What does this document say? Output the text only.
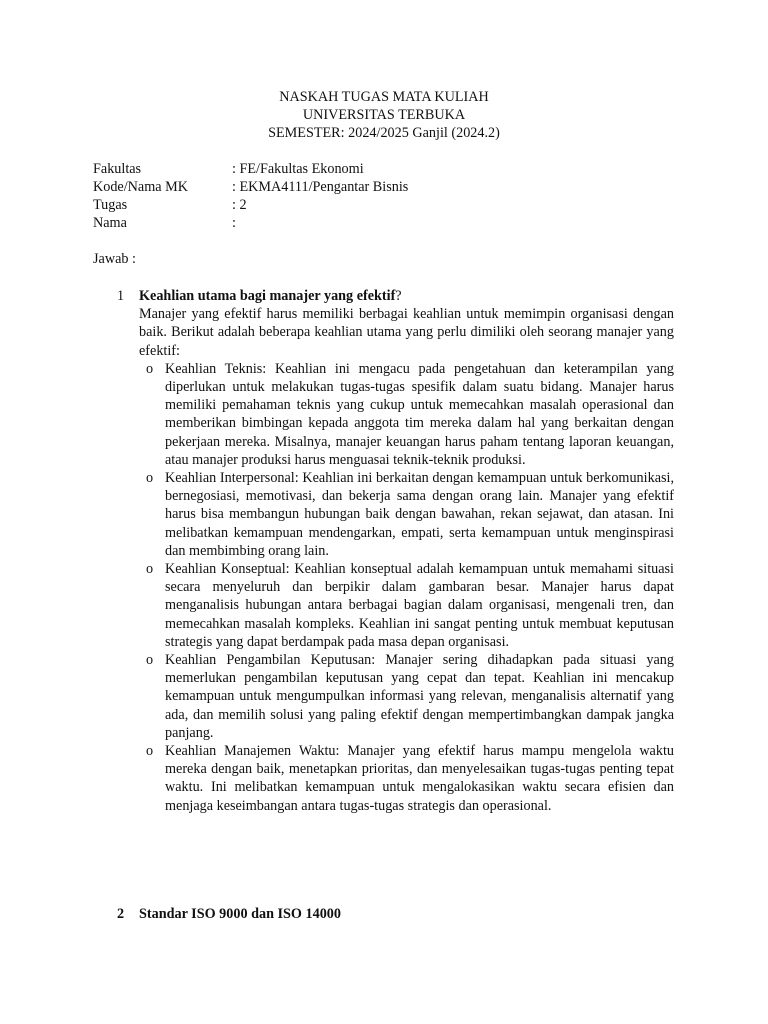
NASKAH TUGAS MATA KULIAH
UNIVERSITAS TERBUKA
SEMESTER: 2024/2025 Ganjil (2024.2)
Fakultas	: FE/Fakultas Ekonomi
Kode/Nama MK	: EKMA4111/Pengantar Bisnis
Tugas	: 2
Nama	:
Jawab :
1	Keahlian utama bagi manajer yang efektif?
Manajer yang efektif harus memiliki berbagai keahlian untuk memimpin organisasi dengan baik. Berikut adalah beberapa keahlian utama yang perlu dimiliki oleh seorang manajer yang efektif:
o Keahlian Teknis: Keahlian ini mengacu pada pengetahuan dan keterampilan yang diperlukan untuk melakukan tugas-tugas spesifik dalam suatu bidang. Manajer harus memiliki pemahaman teknis yang cukup untuk memecahkan masalah operasional dan memberikan bimbingan kepada anggota tim mereka dalam hal yang berkaitan dengan pekerjaan mereka. Misalnya, manajer keuangan harus paham tentang laporan keuangan, atau manajer produksi harus menguasai teknik-teknik produksi.
o Keahlian Interpersonal: Keahlian ini berkaitan dengan kemampuan untuk berkomunikasi, bernegosiasi, memotivasi, dan bekerja sama dengan orang lain. Manajer yang efektif harus bisa membangun hubungan baik dengan bawahan, rekan sejawat, dan atasan. Ini melibatkan kemampuan mendengarkan, empati, serta kemampuan untuk menginspirasi dan membimbing orang lain.
o Keahlian Konseptual: Keahlian konseptual adalah kemampuan untuk memahami situasi secara menyeluruh dan berpikir dalam gambaran besar. Manajer harus dapat menganalisis hubungan antara berbagai bagian dalam organisasi, mengenali tren, dan memecahkan masalah kompleks. Keahlian ini sangat penting untuk membuat keputusan strategis yang dapat berdampak pada masa depan organisasi.
o Keahlian Pengambilan Keputusan: Manajer sering dihadapkan pada situasi yang memerlukan pengambilan keputusan yang cepat dan tepat. Keahlian ini mencakup kemampuan untuk mengumpulkan informasi yang relevan, menganalisis alternatif yang ada, dan memilih solusi yang paling efektif dengan mempertimbangkan dampak jangka panjang.
o Keahlian Manajemen Waktu: Manajer yang efektif harus mampu mengelola waktu mereka dengan baik, menetapkan prioritas, dan menyelesaikan tugas-tugas penting tepat waktu. Ini melibatkan kemampuan untuk mengalokasikan waktu secara efisien dan menjaga keseimbangan antara tugas-tugas strategis dan operasional.
2	Standar ISO 9000 dan ISO 14000
